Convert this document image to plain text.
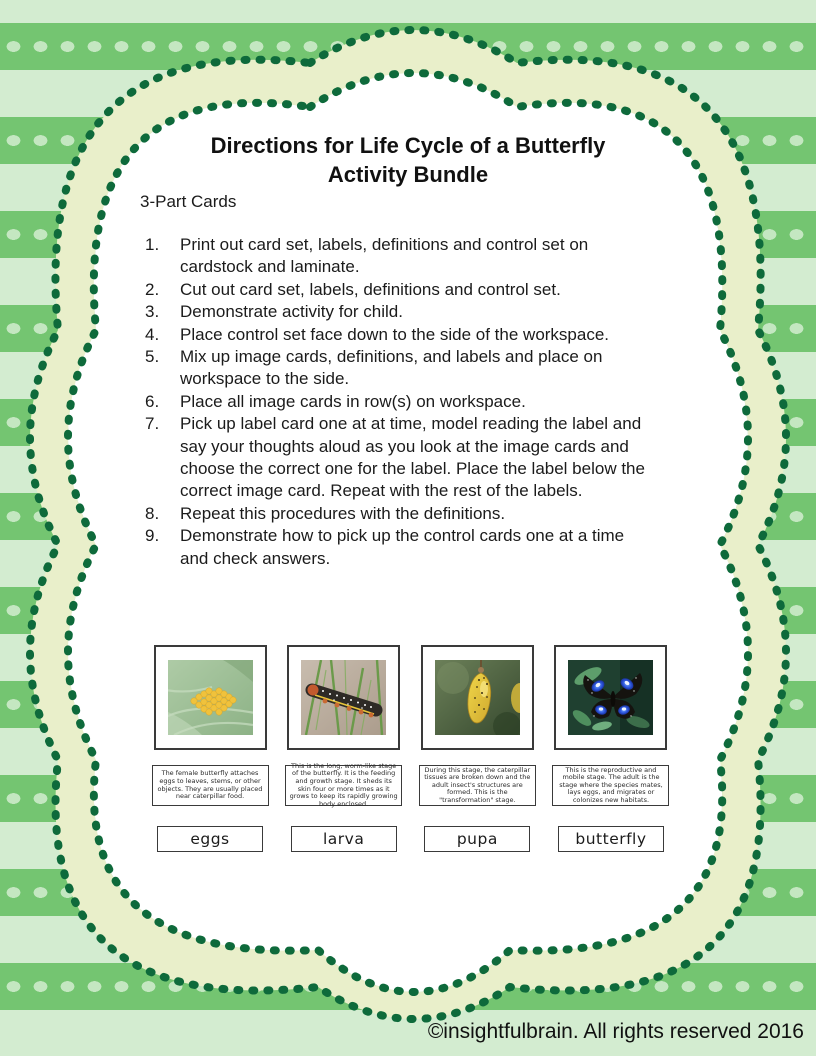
Directions for Life Cycle of a Butterfly
Activity Bundle
3-Part Cards
Print out card set, labels, definitions and control set on cardstock and laminate.
Cut out card set, labels, definitions and control set.
Demonstrate activity for child.
Place control set face down to the side of the workspace.
Mix up image cards, definitions, and labels and place on workspace to the side.
Place all image cards in row(s) on workspace.
Pick up label card one at at time, model reading the label and say your thoughts aloud as you look at the image cards and choose the correct one for the label. Place the label below the correct image card. Repeat with the rest of the labels.
Repeat this procedures with the definitions.
Demonstrate how to pick up the control cards one at a time and check answers.
The female butterfly attaches eggs to leaves, stems, or other objects. They are usually placed near caterpillar food.
eggs
This is the long, worm-like stage of the butterfly. It is the feeding and growth stage. It sheds its skin four or more times as it grows to keep its rapidly growing body enclosed.
larva
During this stage, the caterpillar tissues are broken down and the adult insect's structures are formed. This is the "transformation" stage.
pupa
This is the reproductive and mobile stage. The adult is the stage where the species mates, lays eggs, and migrates or colonizes new habitats.
butterfly
©insightfulbrain. All rights reserved 2016
